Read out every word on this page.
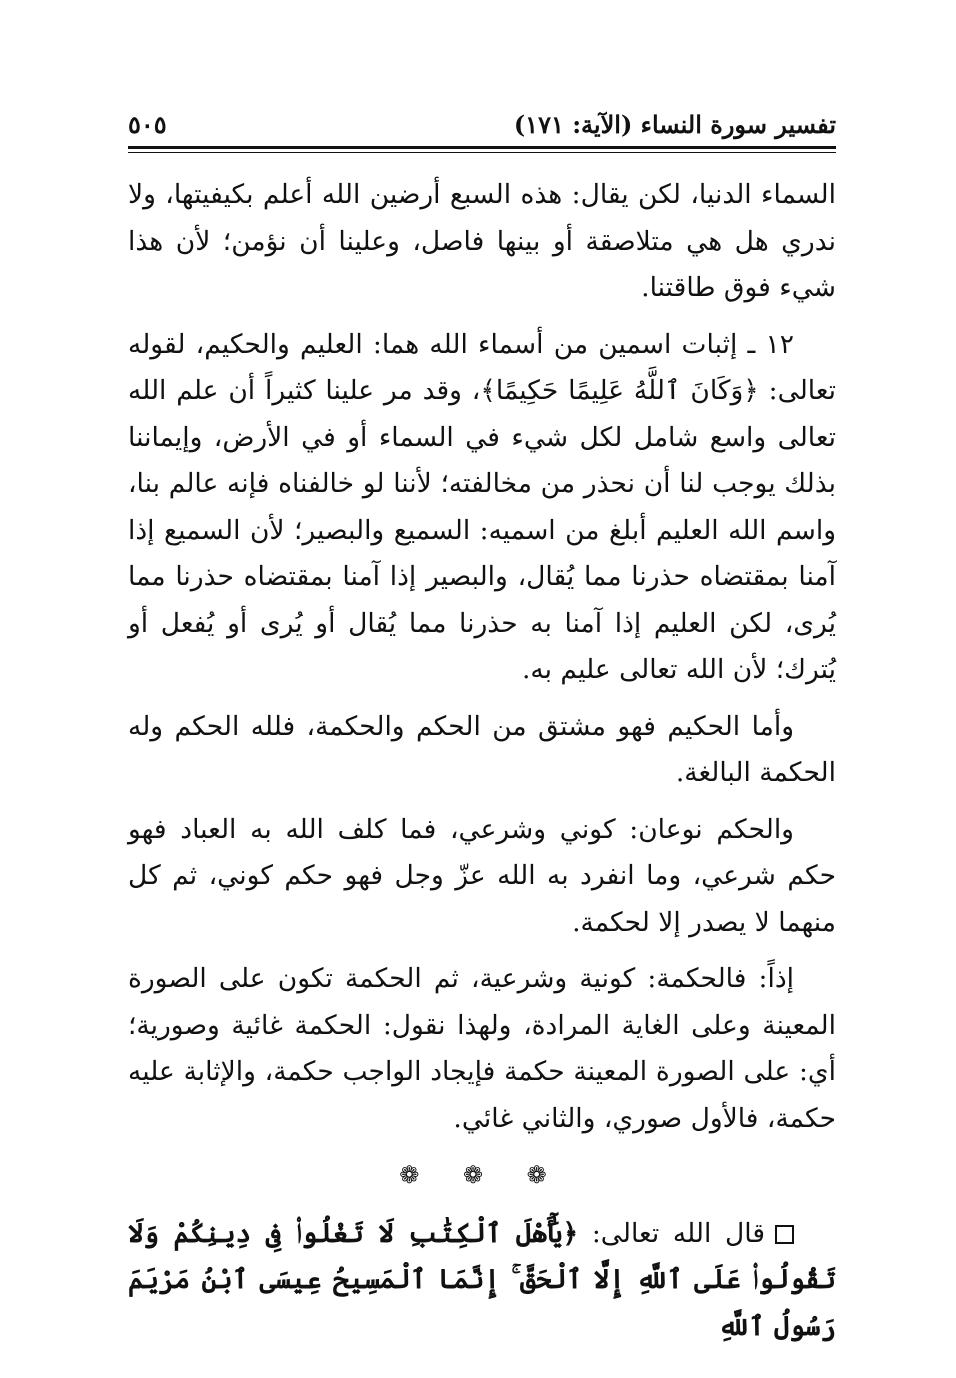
تفسير سورة النساء (الآية: ١٧١)
٥٠٥

السماء الدنيا، لكن يقال: هذه السبع أرضين الله أعلم بكيفيتها، ولا ندري هل هي متلاصقة أو بينها فاصل، وعلينا أن نؤمن؛ لأن هذا شيء فوق طاقتنا.

١٢ ـ إثبات اسمين من أسماء الله هما: العليم والحكيم، لقوله تعالى: ﴿وَكَانَ ٱللَّهُ عَلِيمًا حَكِيمًا﴾، وقد مر علينا كثيراً أن علم الله تعالى واسع شامل لكل شيء في السماء أو في الأرض، وإيماننا بذلك يوجب لنا أن نحذر من مخالفته؛ لأننا لو خالفناه فإنه عالم بنا، واسم الله العليم أبلغ من اسميه: السميع والبصير؛ لأن السميع إذا آمنا بمقتضاه حذرنا مما يُقال، والبصير إذا آمنا بمقتضاه حذرنا مما يُرى، لكن العليم إذا آمنا به حذرنا مما يُقال أو يُرى أو يُفعل أو يُترك؛ لأن الله تعالى عليم به.

وأما الحكيم فهو مشتق من الحكم والحكمة، فلله الحكم وله الحكمة البالغة.

والحكم نوعان: كوني وشرعي، فما كلف الله به العباد فهو حكم شرعي، وما انفرد به الله عزّ وجل فهو حكم كوني، ثم كل منهما لا يصدر إلا لحكمة.

إذاً: فالحكمة: كونية وشرعية، ثم الحكمة تكون على الصورة المعينة وعلى الغاية المرادة، ولهذا نقول: الحكمة غائية وصورية؛ أي: على الصورة المعينة حكمة فإيجاد الواجب حكمة، والإثابة عليه حكمة، فالأول صوري، والثاني غائي.

❁ ❁ ❁

قال الله تعالى: ﴿يَٰٓأَهْلَ ٱلْكِتَٰبِ لَا تَغْلُوا۟ فِى دِينِكُمْ وَلَا تَقُولُوا۟ عَلَى ٱللَّهِ إِلَّا ٱلْحَقَّ ۚ إِنَّمَا ٱلْمَسِيحُ عِيسَى ٱبْنُ مَرْيَمَ رَسُولُ ٱللَّهِ
